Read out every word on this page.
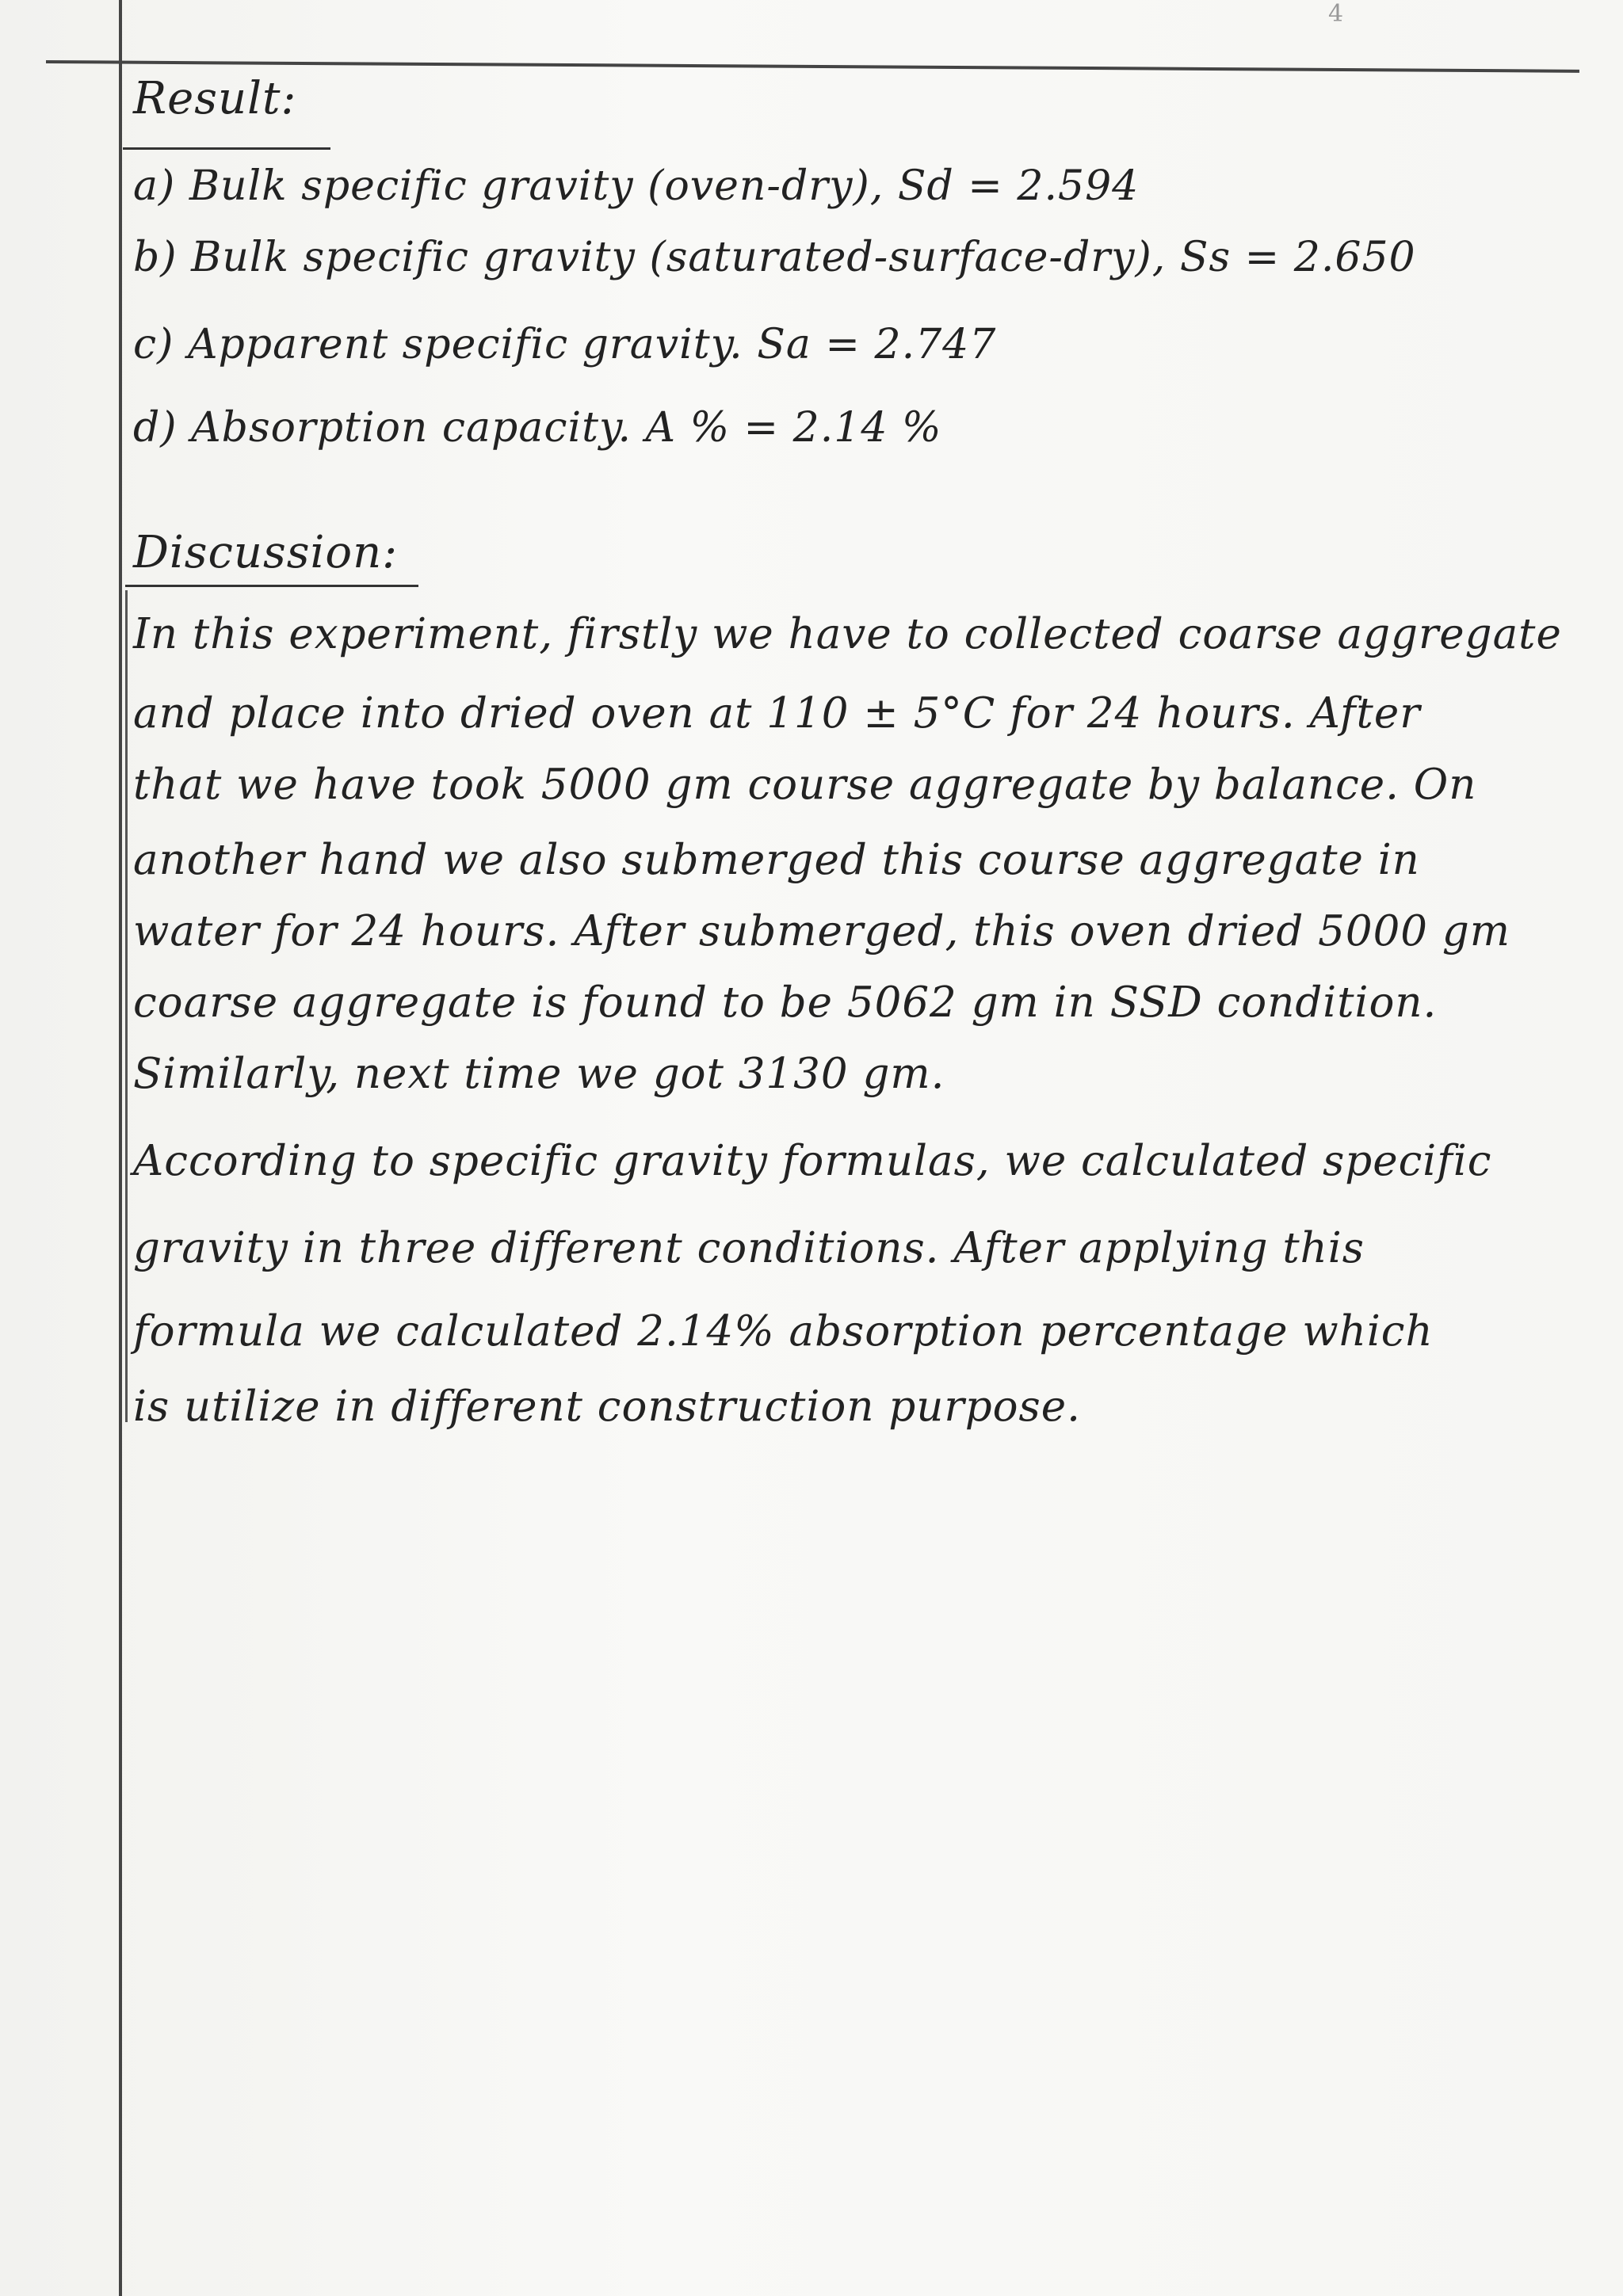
4
Result:
a) Bulk specific gravity (oven-dry), Sd = 2.594
b) Bulk specific gravity (saturated-surface-dry), Ss = 2.650
c) Apparent specific gravity. Sa = 2.747
d) Absorption capacity. A % = 2.14 %
Discussion:
In this experiment, firstly we have to collected coarse aggregate
and place into dried oven at 110 ± 5°C for 24 hours. After
that we have took 5000 gm course aggregate by balance. On
another hand we also submerged this course aggregate in
water for 24 hours. After submerged, this oven dried 5000 gm
coarse aggregate is found to be 5062 gm in SSD condition.
Similarly, next time we got 3130 gm.
According to specific gravity formulas, we calculated specific
gravity in three different conditions. After applying this
formula we calculated 2.14% absorption percentage which
is utilize in different construction purpose.
